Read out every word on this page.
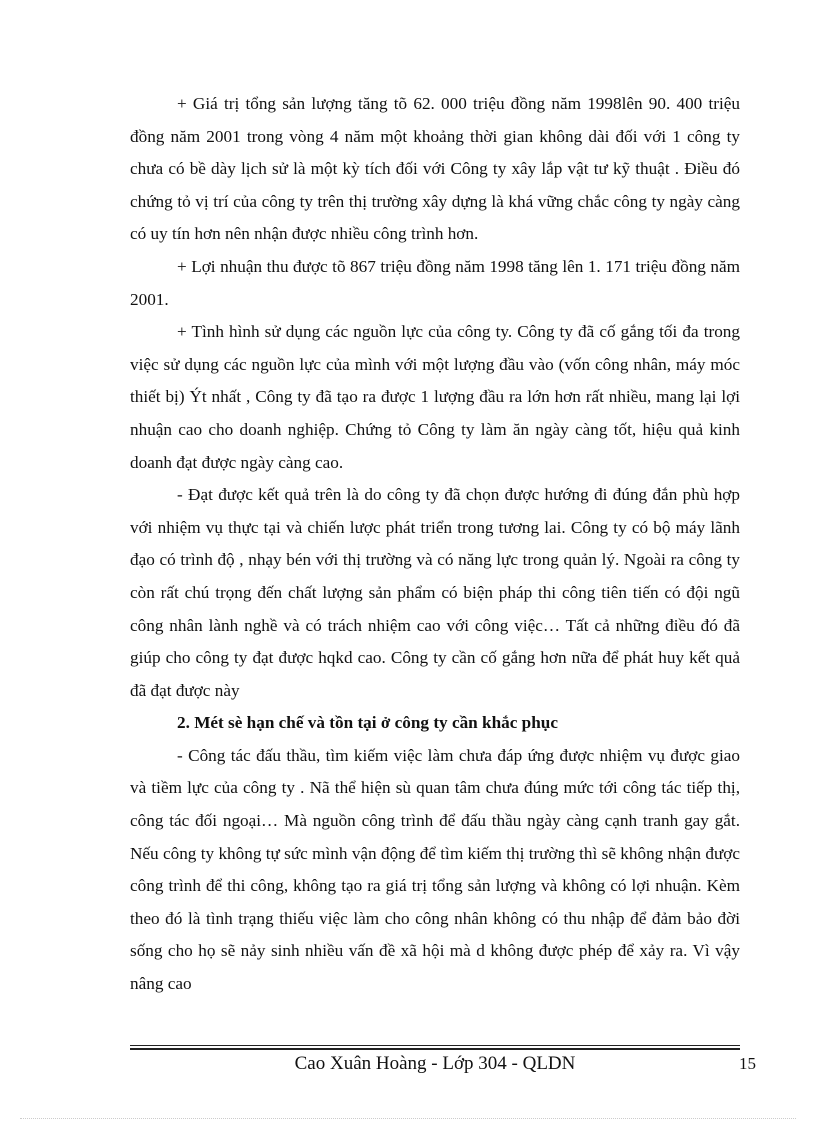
+ Giá trị tổng sản lượng tăng tõ 62. 000 triệu đồng năm 1998lên 90. 400 triệu đồng năm 2001 trong vòng 4 năm một khoảng thời gian không dài đối với 1 công ty chưa có bề dày lịch sử là một kỳ tích đối với Công ty xây lắp vật tư kỹ thuật . Điều đó chứng tỏ vị trí của công ty trên thị trường xây dựng là khá vững chắc công ty ngày càng có uy tín hơn nên nhận được nhiều công trình hơn.

+ Lợi nhuận thu được tõ 867 triệu đồng năm 1998 tăng lên 1. 171 triệu đồng năm 2001.

+ Tình hình sử dụng các nguồn lực của công ty. Công ty đã cố gắng tối đa trong việc sử dụng các nguồn lực của mình với một lượng đầu vào (vốn công nhân, máy móc thiết bị) Ýt nhất , Công ty đã tạo ra được 1 lượng đầu ra lớn hơn rất nhiều, mang lại lợi nhuận cao cho doanh nghiệp. Chứng tỏ Công ty làm ăn ngày càng tốt, hiệu quả kinh doanh đạt được ngày càng cao.

- Đạt được kết quả trên là do công ty đã chọn được hướng đi đúng đắn phù hợp với nhiệm vụ thực tại và chiến lược phát triển trong tương lai. Công ty có bộ máy lãnh đạo có trình độ , nhạy bén với thị trường và có năng lực trong quản lý. Ngoài ra công ty còn rất chú trọng đến chất lượng sản phẩm có biện pháp thi công tiên tiến có đội ngũ công nhân lành nghề và có trách nhiệm cao với công việc… Tất cả những điều đó đã giúp cho công ty đạt được hqkd cao. Công ty cần cố gắng hơn nữa để phát huy kết quả đã đạt được này

2. Mét sè hạn chế và tồn tại ở công ty cần khắc phục

- Công tác đấu thầu, tìm kiếm việc làm chưa đáp ứng được nhiệm vụ được giao và tiềm lực của công ty . Nã thể hiện sù quan tâm chưa đúng mức tới công tác tiếp thị, công tác đối ngoại… Mà nguồn công trình để đấu thầu ngày càng cạnh tranh gay gắt. Nếu công ty không tự sức mình vận động để tìm kiếm thị trường thì sẽ không nhận được công trình để thi công, không tạo ra giá trị tổng sản lượng và không có lợi nhuận. Kèm theo đó là tình trạng thiếu việc làm cho công nhân không có thu nhập để đảm bảo đời sống cho họ sẽ nảy sinh nhiều vấn đề xã hội mà d không được phép để xảy ra. Vì vậy nâng cao

Cao Xuân Hoàng - Lớp 304 - QLDN	15
